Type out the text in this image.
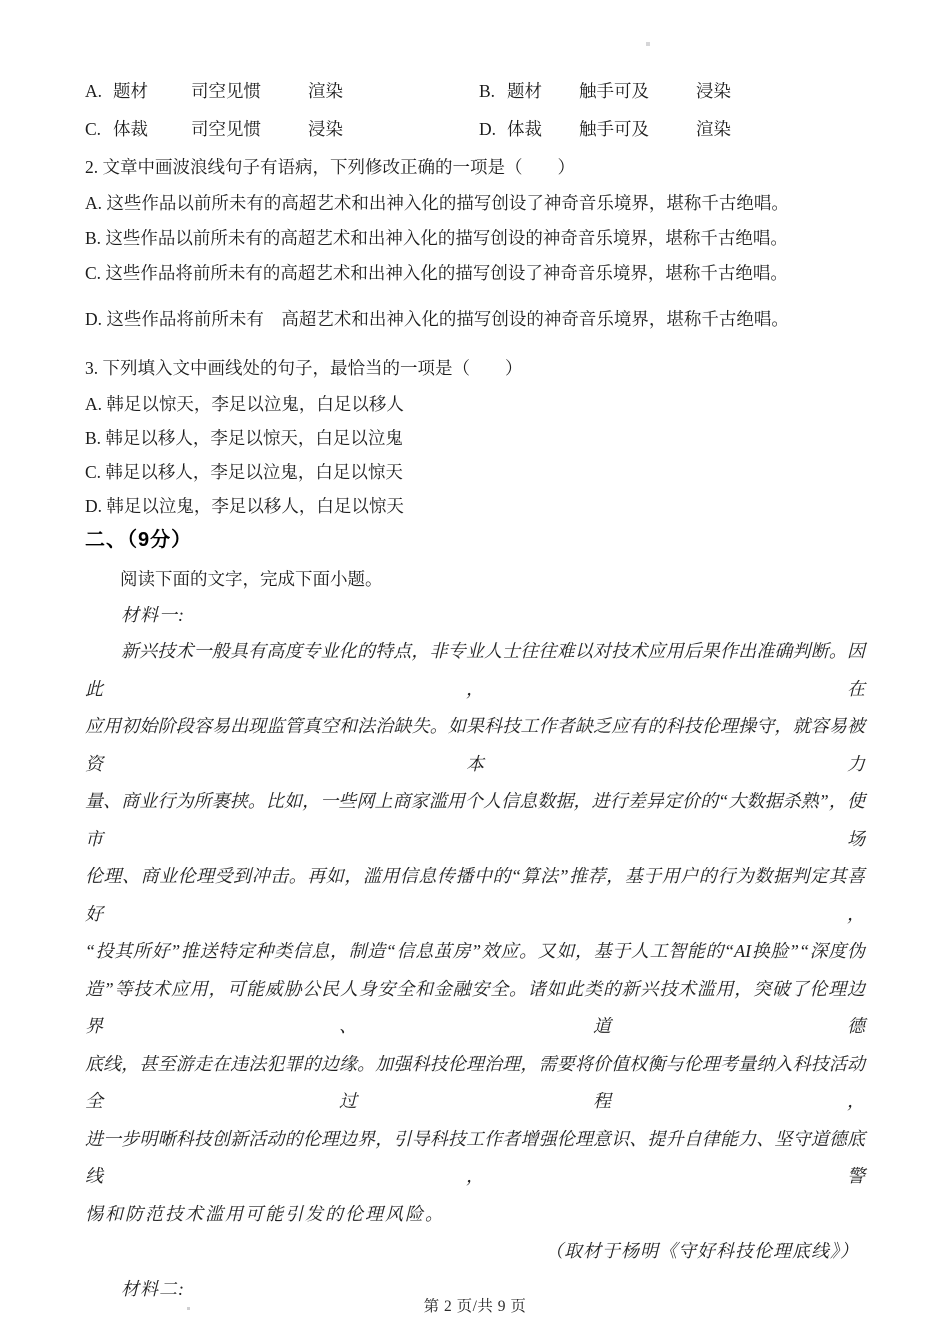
A. 题材	司空见惯	渲染	B. 题材	触手可及	浸染
C. 体裁	司空见惯	浸染	D. 体裁	触手可及	渲染
2. 文章中画波浪线句子有语病，下列修改正确的一项是（　　）
A. 这些作品以前所未有的高超艺术和出神入化的描写创设了神奇音乐境界，堪称千古绝唱。
B. 这些作品以前所未有的高超艺术和出神入化的描写创设的神奇音乐境界，堪称千古绝唱。
C. 这些作品将前所未有的高超艺术和出神入化的描写创设了神奇音乐境界，堪称千古绝唱。
D. 这些作品将前所未有　高超艺术和出神入化的描写创设的神奇音乐境界，堪称千古绝唱。
3. 下列填入文中画线处的句子，最恰当的一项是（　　）
A. 韩足以惊天，李足以泣鬼，白足以移人
B. 韩足以移人，李足以惊天，白足以泣鬼
C. 韩足以移人，李足以泣鬼，白足以惊天
D. 韩足以泣鬼，李足以移人，白足以惊天
二、（9分）
阅读下面的文字，完成下面小题。
材料一:
新兴技术一般具有高度专业化的特点，非专业人士往往难以对技术应用后果作出准确判断。因此，在
应用初始阶段容易出现监管真空和法治缺失。如果科技工作者缺乏应有的科技伦理操守，就容易被资本力
量、商业行为所裹挟。比如，一些网上商家滥用个人信息数据，进行差异定价的“大数据杀熟”，使市场
伦理、商业伦理受到冲击。再如，滥用信息传播中的“算法”推荐，基于用户的行为数据判定其喜好，
“投其所好”推送特定种类信息，制造“信息茧房”效应。又如，基于人工智能的“AI换脸”“深度伪
造”等技术应用，可能威胁公民人身安全和金融安全。诸如此类的新兴技术滥用，突破了伦理边界、道德
底线，甚至游走在违法犯罪的边缘。加强科技伦理治理，需要将价值权衡与伦理考量纳入科技活动全过程，
进一步明晰科技创新活动的伦理边界，引导科技工作者增强伦理意识、提升自律能力、坚守道德底线，警
惕和防范技术滥用可能引发的伦理风险。
（取材于杨明《守好科技伦理底线》）
材料二:
第 2 页/共 9 页
